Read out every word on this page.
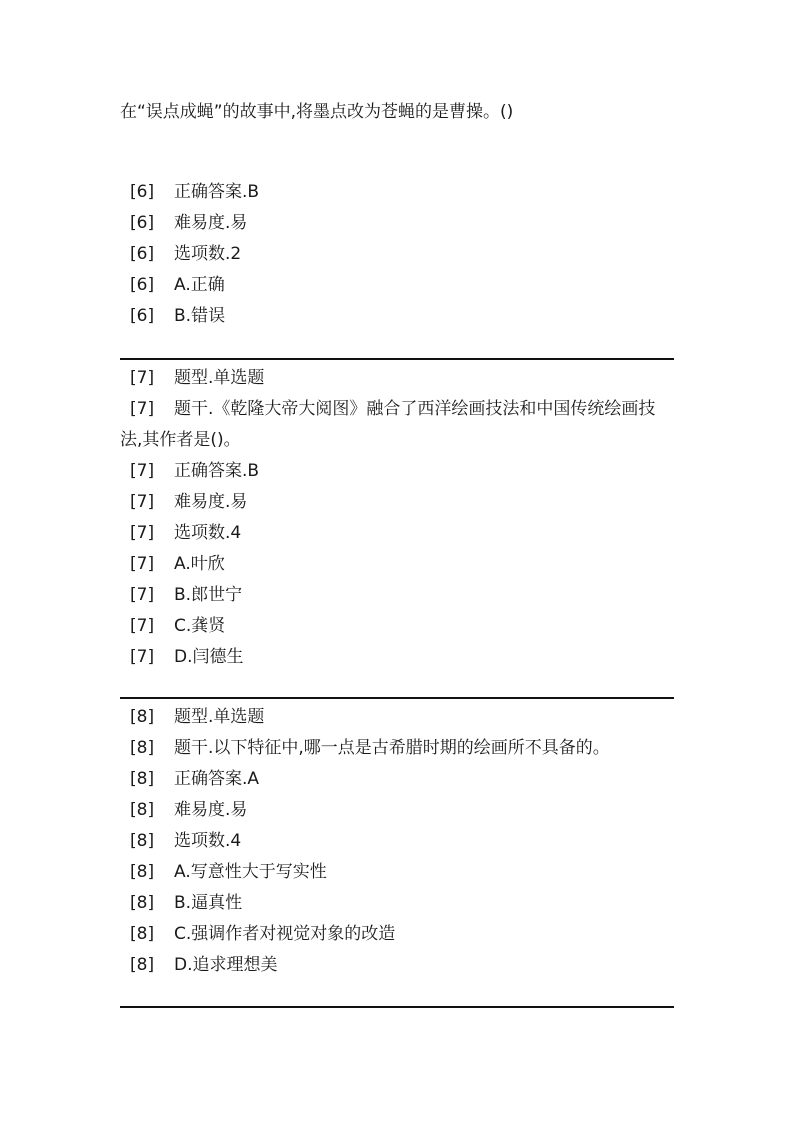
在“误点成蝇”的故事中,将墨点改为苍蝇的是曹操。()
[6] 正确答案.B
[6] 难易度.易
[6] 选项数.2
[6] A.正确
[6] B.错误
[7] 题型.单选题
[7]	题干.《乾隆大帝大阅图》融合了西洋绘画技法和中国传统绘画技法,其作者是()。
[7] 正确答案.B
[7] 难易度.易
[7] 选项数.4
[7] A.叶欣
[7] B.郎世宁
[7] C.龚贤
[7] D.闫德生
[8] 题型.单选题
[8] 题干.以下特征中,哪一点是古希腊时期的绘画所不具备的。
[8] 正确答案.A
[8] 难易度.易
[8] 选项数.4
[8] A.写意性大于写实性
[8] B.逼真性
[8] C.强调作者对视觉对象的改造
[8] D.追求理想美
